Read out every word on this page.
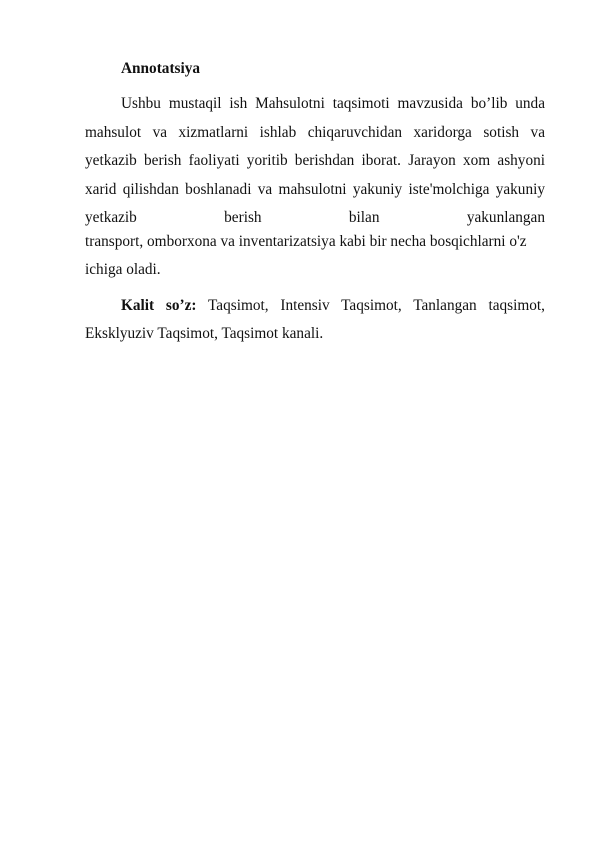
Annotatsiya
Ushbu mustaqil ish Mahsulotni taqsimoti mavzusida bo’lib unda
mahsulot va xizmatlarni ishlab chiqaruvchidan xaridorga sotish va
yetkazib berish faoliyati yoritib berishdan iborat. Jarayon xom ashyoni
xarid qilishdan boshlanadi va mahsulotni yakuniy iste'molchiga yakuniy
yetkazib berish bilan yakunlangan
transport, omborxona va inventarizatsiya kabi bir necha bosqichlarni o'z
ichiga oladi.
Kalit so’z: Taqsimot, Intensiv Taqsimot, Tanlangan taqsimot,
Eksklyuziv Taqsimot, Taqsimot kanali.
